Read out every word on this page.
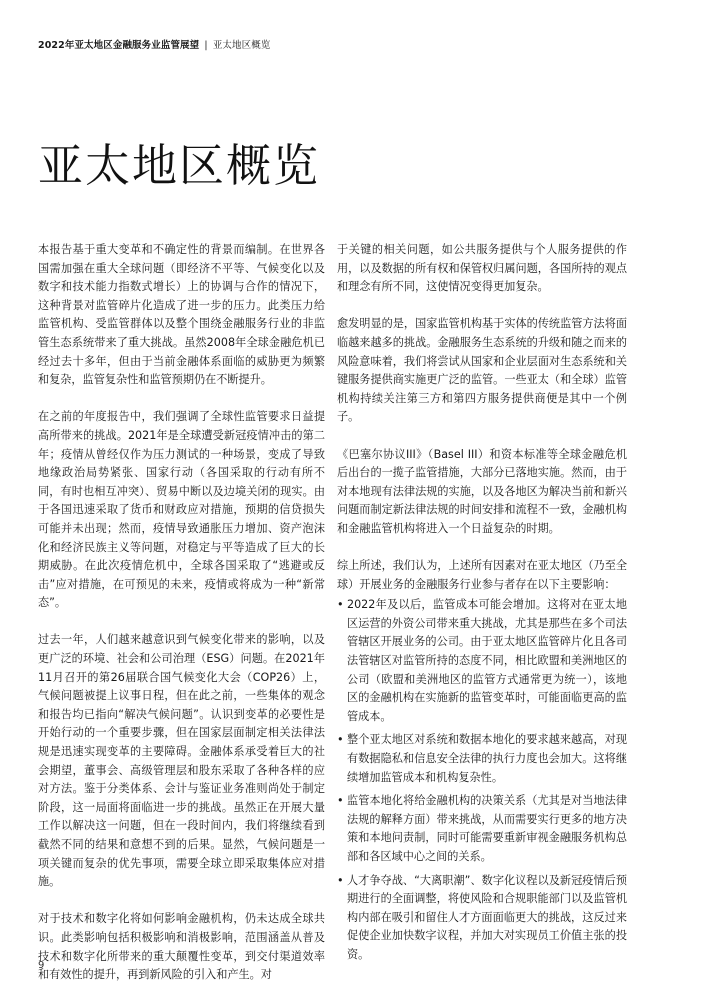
2022年亚太地区金融服务业监管展望 | 亚太地区概览
亚太地区概览

本报告基于重大变革和不确定性的背景而编制。在世界各国需加强在重大全球问题（即经济不平等、气候变化以及数字和技术能力指数式增长）上的协调与合作的情况下，这种背景对监管碎片化造成了进一步的压力。此类压力给监管机构、受监管群体以及整个围绕金融服务行业的非监管生态系统带来了重大挑战。虽然2008年全球金融危机已经过去十多年，但由于当前金融体系面临的威胁更为频繁和复杂，监管复杂性和监管预期仍在不断提升。

在之前的年度报告中，我们强调了全球性监管要求日益提高所带来的挑战。2021年是全球遭受新冠疫情冲击的第二年；疫情从曾经仅作为压力测试的一种场景，变成了导致地缘政治局势紧张、国家行动（各国采取的行动有所不同，有时也相互冲突）、贸易中断以及边境关闭的现实。由于各国迅速采取了货币和财政应对措施，预期的信贷损失可能并未出现；然而，疫情导致通胀压力增加、资产泡沫化和经济民族主义等问题，对稳定与平等造成了巨大的长期威胁。在此次疫情危机中，全球各国采取了“逃避或反击”应对措施，在可预见的未来，疫情或将成为一种“新常态”。

过去一年，人们越来越意识到气候变化带来的影响，以及更广泛的环境、社会和公司治理（ESG）问题。在2021年11月召开的第26届联合国气候变化大会（COP26）上，气候问题被提上议事日程，但在此之前，一些集体的观念和报告均已指向“解决气候问题”。认识到变革的必要性是开始行动的一个重要步骤，但在国家层面制定相关法律法规是迅速实现变革的主要障碍。金融体系承受着巨大的社会期望，董事会、高级管理层和股东采取了各种各样的应对方法。鉴于分类体系、会计与鉴证业务准则尚处于制定阶段，这一局面将面临进一步的挑战。虽然正在开展大量工作以解决这一问题，但在一段时间内，我们将继续看到截然不同的结果和意想不到的后果。显然，气候问题是一项关键而复杂的优先事项，需要全球立即采取集体应对措施。

对于技术和数字化将如何影响金融机构，仍未达成全球共识。此类影响包括积极影响和消极影响，范围涵盖从普及技术和数字化所带来的重大颠覆性变革，到交付渠道效率和有效性的提升，再到新风险的引入和产生。对

于关键的相关问题，如公共服务提供与个人服务提供的作用，以及数据的所有权和保管权归属问题，各国所持的观点和理念有所不同，这使情况变得更加复杂。

愈发明显的是，国家监管机构基于实体的传统监管方法将面临越来越多的挑战。金融服务生态系统的升级和随之而来的风险意味着，我们将尝试从国家和企业层面对生态系统和关键服务提供商实施更广泛的监管。一些亚太（和全球）监管机构持续关注第三方和第四方服务提供商便是其中一个例子。

《巴塞尔协议III》（Basel III）和资本标准等全球金融危机后出台的一揽子监管措施，大部分已落地实施。然而，由于对本地现有法律法规的实施，以及各地区为解决当前和新兴问题而制定新法律法规的时间安排和流程不一致，金融机构和金融监管机构将进入一个日益复杂的时期。

综上所述，我们认为，上述所有因素对在亚太地区（乃至全球）开展业务的金融服务行业参与者存在以下主要影响：

• 2022年及以后，监管成本可能会增加。这将对在亚太地区运营的外资公司带来重大挑战，尤其是那些在多个司法管辖区开展业务的公司。由于亚太地区监管碎片化且各司法管辖区对监管所持的态度不同，相比欧盟和美洲地区的公司（欧盟和美洲地区的监管方式通常更为统一），该地区的金融机构在实施新的监管变革时，可能面临更高的监管成本。
• 整个亚太地区对系统和数据本地化的要求越来越高，对现有数据隐私和信息安全法律的执行力度也会加大。这将继续增加监管成本和机构复杂性。
• 监管本地化将给金融机构的决策关系（尤其是对当地法律法规的解释方面）带来挑战，从而需要实行更多的地方决策和本地问责制，同时可能需要重新审视金融服务机构总部和各区域中心之间的关系。
• 人才争夺战、“大离职潮”、数字化议程以及新冠疫情后预期进行的全面调整，将使风险和合规职能部门以及监管机构内部在吸引和留住人才方面面临更大的挑战，这反过来促使企业加快数字议程，并加大对实现员工价值主张的投资。
9
